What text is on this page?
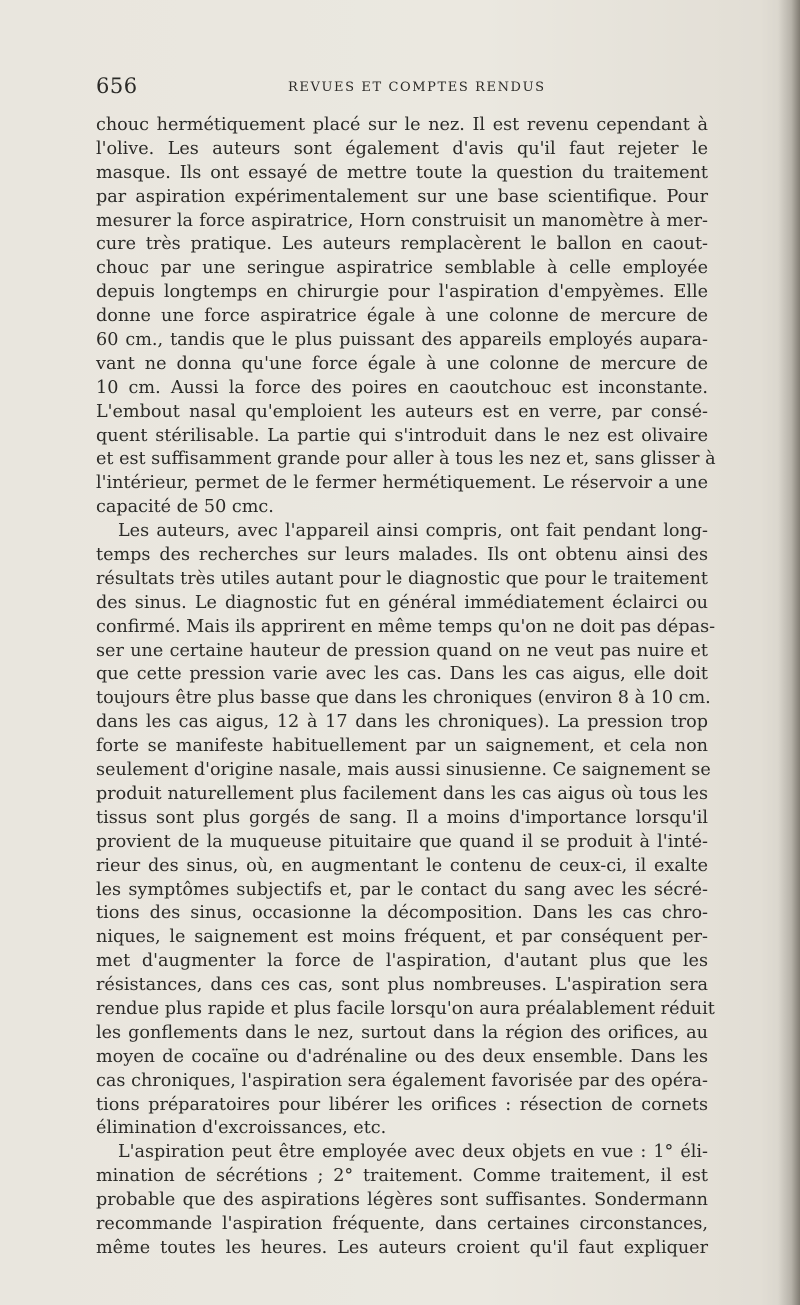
656	REVUES ET COMPTES RENDUS
chouc hermétiquement placé sur le nez. Il est revenu cependant à
l'olive. Les auteurs sont également d'avis qu'il faut rejeter le
masque. Ils ont essayé de mettre toute la question du traitement
par aspiration expérimentalement sur une base scientifique. Pour
mesurer la force aspiratrice, Horn construisit un manomètre à mer-
cure très pratique. Les auteurs remplacèrent le ballon en caout-
chouc par une seringue aspiratrice semblable à celle employée
depuis longtemps en chirurgie pour l'aspiration d'empyèmes. Elle
donne une force aspiratrice égale à une colonne de mercure de
60 cm., tandis que le plus puissant des appareils employés aupara-
vant ne donna qu'une force égale à une colonne de mercure de
10 cm. Aussi la force des poires en caoutchouc est inconstante.
L'embout nasal qu'emploient les auteurs est en verre, par consé-
quent stérilisable. La partie qui s'introduit dans le nez est olivaire
et est suffisamment grande pour aller à tous les nez et, sans glisser à
l'intérieur, permet de le fermer hermétiquement. Le réservoir a une
capacité de 50 cmc.
Les auteurs, avec l'appareil ainsi compris, ont fait pendant long-
temps des recherches sur leurs malades. Ils ont obtenu ainsi des
résultats très utiles autant pour le diagnostic que pour le traitement
des sinus. Le diagnostic fut en général immédiatement éclairci ou
confirmé. Mais ils apprirent en même temps qu'on ne doit pas dépas-
ser une certaine hauteur de pression quand on ne veut pas nuire et
que cette pression varie avec les cas. Dans les cas aigus, elle doit
toujours être plus basse que dans les chroniques (environ 8 à 10 cm.
dans les cas aigus, 12 à 17 dans les chroniques). La pression trop
forte se manifeste habituellement par un saignement, et cela non
seulement d'origine nasale, mais aussi sinusienne. Ce saignement se
produit naturellement plus facilement dans les cas aigus où tous les
tissus sont plus gorgés de sang. Il a moins d'importance lorsqu'il
provient de la muqueuse pituitaire que quand il se produit à l'inté-
rieur des sinus, où, en augmentant le contenu de ceux-ci, il exalte
les symptômes subjectifs et, par le contact du sang avec les sécré-
tions des sinus, occasionne la décomposition. Dans les cas chro-
niques, le saignement est moins fréquent, et par conséquent per-
met d'augmenter la force de l'aspiration, d'autant plus que les
résistances, dans ces cas, sont plus nombreuses. L'aspiration sera
rendue plus rapide et plus facile lorsqu'on aura préalablement réduit
les gonflements dans le nez, surtout dans la région des orifices, au
moyen de cocaïne ou d'adrénaline ou des deux ensemble. Dans les
cas chroniques, l'aspiration sera également favorisée par des opéra-
tions préparatoires pour libérer les orifices : résection de cornets
élimination d'excroissances, etc.
L'aspiration peut être employée avec deux objets en vue : 1° éli-
mination de sécrétions ; 2° traitement. Comme traitement, il est
probable que des aspirations légères sont suffisantes. Sondermann
recommande l'aspiration fréquente, dans certaines circonstances,
même toutes les heures. Les auteurs croient qu'il faut expliquer
